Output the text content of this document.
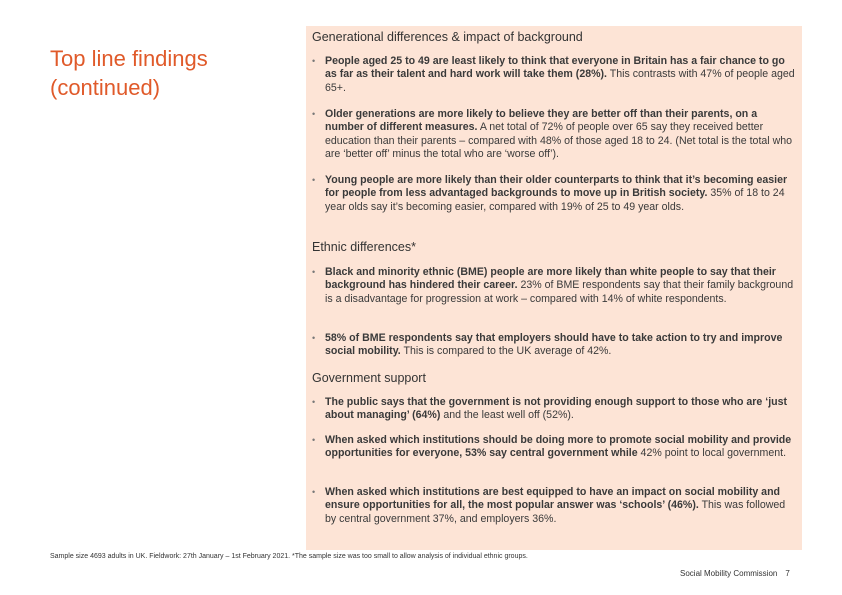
Top line findings (continued)
Generational differences & impact of background
• People aged 25 to 49 are least likely to think that everyone in Britain has a fair chance to go as far as their talent and hard work will take them (28%). This contrasts with 47% of people aged 65+.
• Older generations are more likely to believe they are better off than their parents, on a number of different measures. A net total of 72% of people over 65 say they received better education than their parents – compared with 48% of those aged 18 to 24. (Net total is the total who are ‘better off’ minus the total who are ‘worse off’).
• Young people are more likely than their older counterparts to think that it’s becoming easier for people from less advantaged backgrounds to move up in British society. 35% of 18 to 24 year olds say it’s becoming easier, compared with 19% of 25 to 49 year olds.
Ethnic differences*
• Black and minority ethnic (BME) people are more likely than white people to say that their background has hindered their career. 23% of BME respondents say that their family background is a disadvantage for progression at work – compared with 14% of white respondents.
• 58% of BME respondents say that employers should have to take action to try and improve social mobility. This is compared to the UK average of 42%.
Government support
• The public says that the government is not providing enough support to those who are ‘just about managing’ (64%) and the least well off (52%).
• When asked which institutions should be doing more to promote social mobility and provide opportunities for everyone, 53% say central government while 42% point to local government.
• When asked which institutions are best equipped to have an impact on social mobility and ensure opportunities for all, the most popular answer was ‘schools’ (46%). This was followed by central government 37%, and employers 36%.
Sample size 4693 adults in UK. Fieldwork: 27th January – 1st February 2021. *The sample size was too small to allow analysis of individual ethnic groups.
Social Mobility Commission 7
